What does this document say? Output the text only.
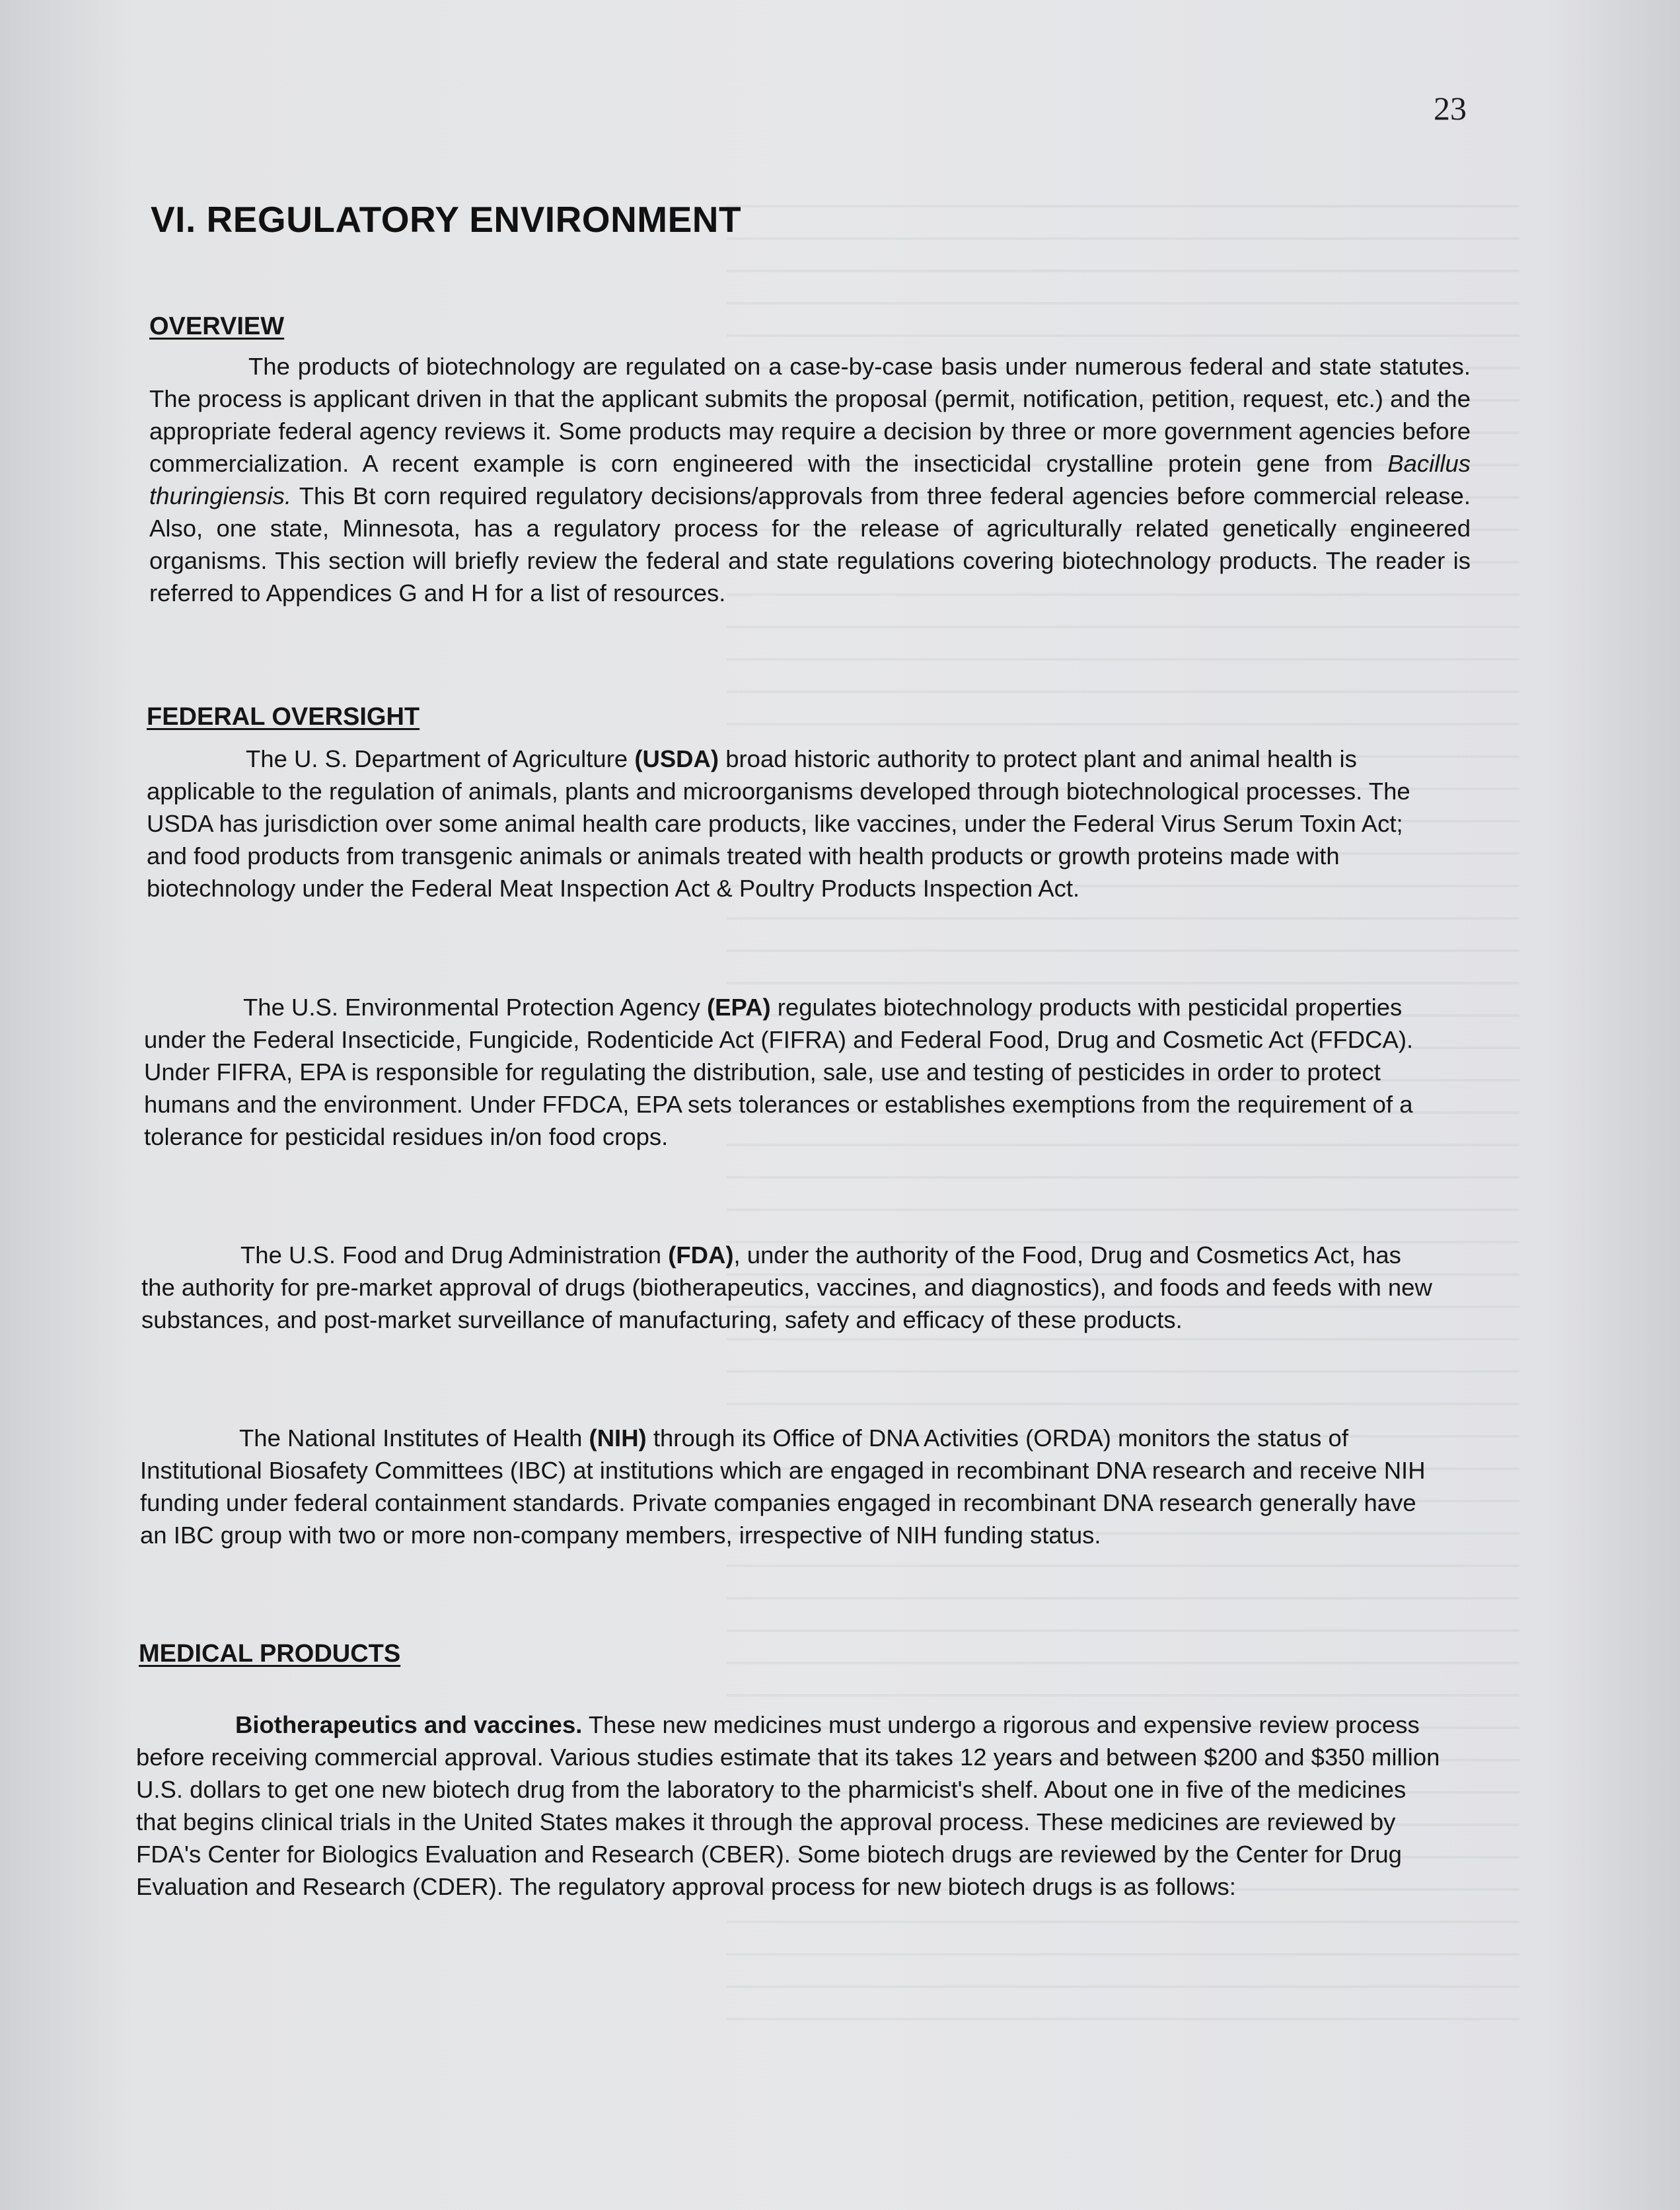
23
VI. REGULATORY ENVIRONMENT
OVERVIEW

The products of biotechnology are regulated on a case-by-case basis under numerous federal and state statutes. The process is applicant driven in that the applicant submits the proposal (permit, notification, petition, request, etc.) and the appropriate federal agency reviews it. Some products may require a decision by three or more government agencies before commercialization. A recent example is corn engineered with the insecticidal crystalline protein gene from Bacillus thuringiensis. This Bt corn required regulatory decisions/approvals from three federal agencies before commercial release. Also, one state, Minnesota, has a regulatory process for the release of agriculturally related genetically engineered organisms. This section will briefly review the federal and state regulations covering biotechnology products. The reader is referred to Appendices G and H for a list of resources.

FEDERAL OVERSIGHT

The U. S. Department of Agriculture (USDA) broad historic authority to protect plant and animal health is applicable to the regulation of animals, plants and microorganisms developed through biotechnological processes. The USDA has jurisdiction over some animal health care products, like vaccines, under the Federal Virus Serum Toxin Act; and food products from transgenic animals or animals treated with health products or growth proteins made with biotechnology under the Federal Meat Inspection Act & Poultry Products Inspection Act.

The U.S. Environmental Protection Agency (EPA) regulates biotechnology products with pesticidal properties under the Federal Insecticide, Fungicide, Rodenticide Act (FIFRA) and Federal Food, Drug and Cosmetic Act (FFDCA). Under FIFRA, EPA is responsible for regulating the distribution, sale, use and testing of pesticides in order to protect humans and the environment. Under FFDCA, EPA sets tolerances or establishes exemptions from the requirement of a tolerance for pesticidal residues in/on food crops.

The U.S. Food and Drug Administration (FDA), under the authority of the Food, Drug and Cosmetics Act, has the authority for pre-market approval of drugs (biotherapeutics, vaccines, and diagnostics), and foods and feeds with new substances, and post-market surveillance of manufacturing, safety and efficacy of these products.

The National Institutes of Health (NIH) through its Office of DNA Activities (ORDA) monitors the status of Institutional Biosafety Committees (IBC) at institutions which are engaged in recombinant DNA research and receive NIH funding under federal containment standards. Private companies engaged in recombinant DNA research generally have an IBC group with two or more non-company members, irrespective of NIH funding status.

MEDICAL PRODUCTS

Biotherapeutics and vaccines. These new medicines must undergo a rigorous and expensive review process before receiving commercial approval. Various studies estimate that its takes 12 years and between $200 and $350 million U.S. dollars to get one new biotech drug from the laboratory to the pharmicist's shelf. About one in five of the medicines that begins clinical trials in the United States makes it through the approval process. These medicines are reviewed by FDA's Center for Biologics Evaluation and Research (CBER). Some biotech drugs are reviewed by the Center for Drug Evaluation and Research (CDER). The regulatory approval process for new biotech drugs is as follows:
